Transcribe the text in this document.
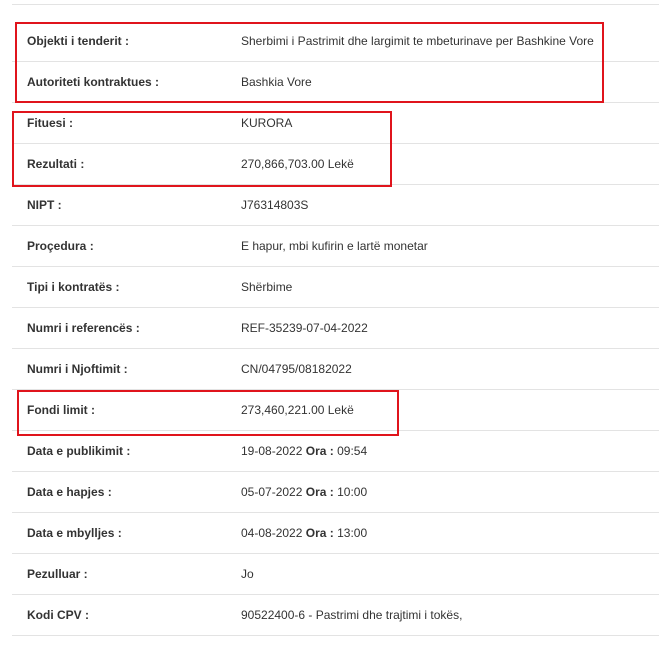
Objekti i tenderit :	Sherbimi i Pastrimit dhe largimit te mbeturinave per Bashkine Vore
Autoriteti kontraktues :	Bashkia Vore
Fituesi :	KURORA
Rezultati :	270,866,703.00 Lekë
NIPT :	J76314803S
Proçedura :	E hapur, mbi kufirin e lartë monetar
Tipi i kontratës :	Shërbime
Numri i referencës :	REF-35239-07-04-2022
Numri i Njoftimit :	CN/04795/08182022
Fondi limit :	273,460,221.00 Lekë
Data e publikimit :	19-08-2022 Ora : 09:54
Data e hapjes :	05-07-2022 Ora : 10:00
Data e mbylljes :	04-08-2022 Ora : 13:00
Pezulluar :	Jo
Kodi CPV :	90522400-6 - Pastrimi dhe trajtimi i tokës,
